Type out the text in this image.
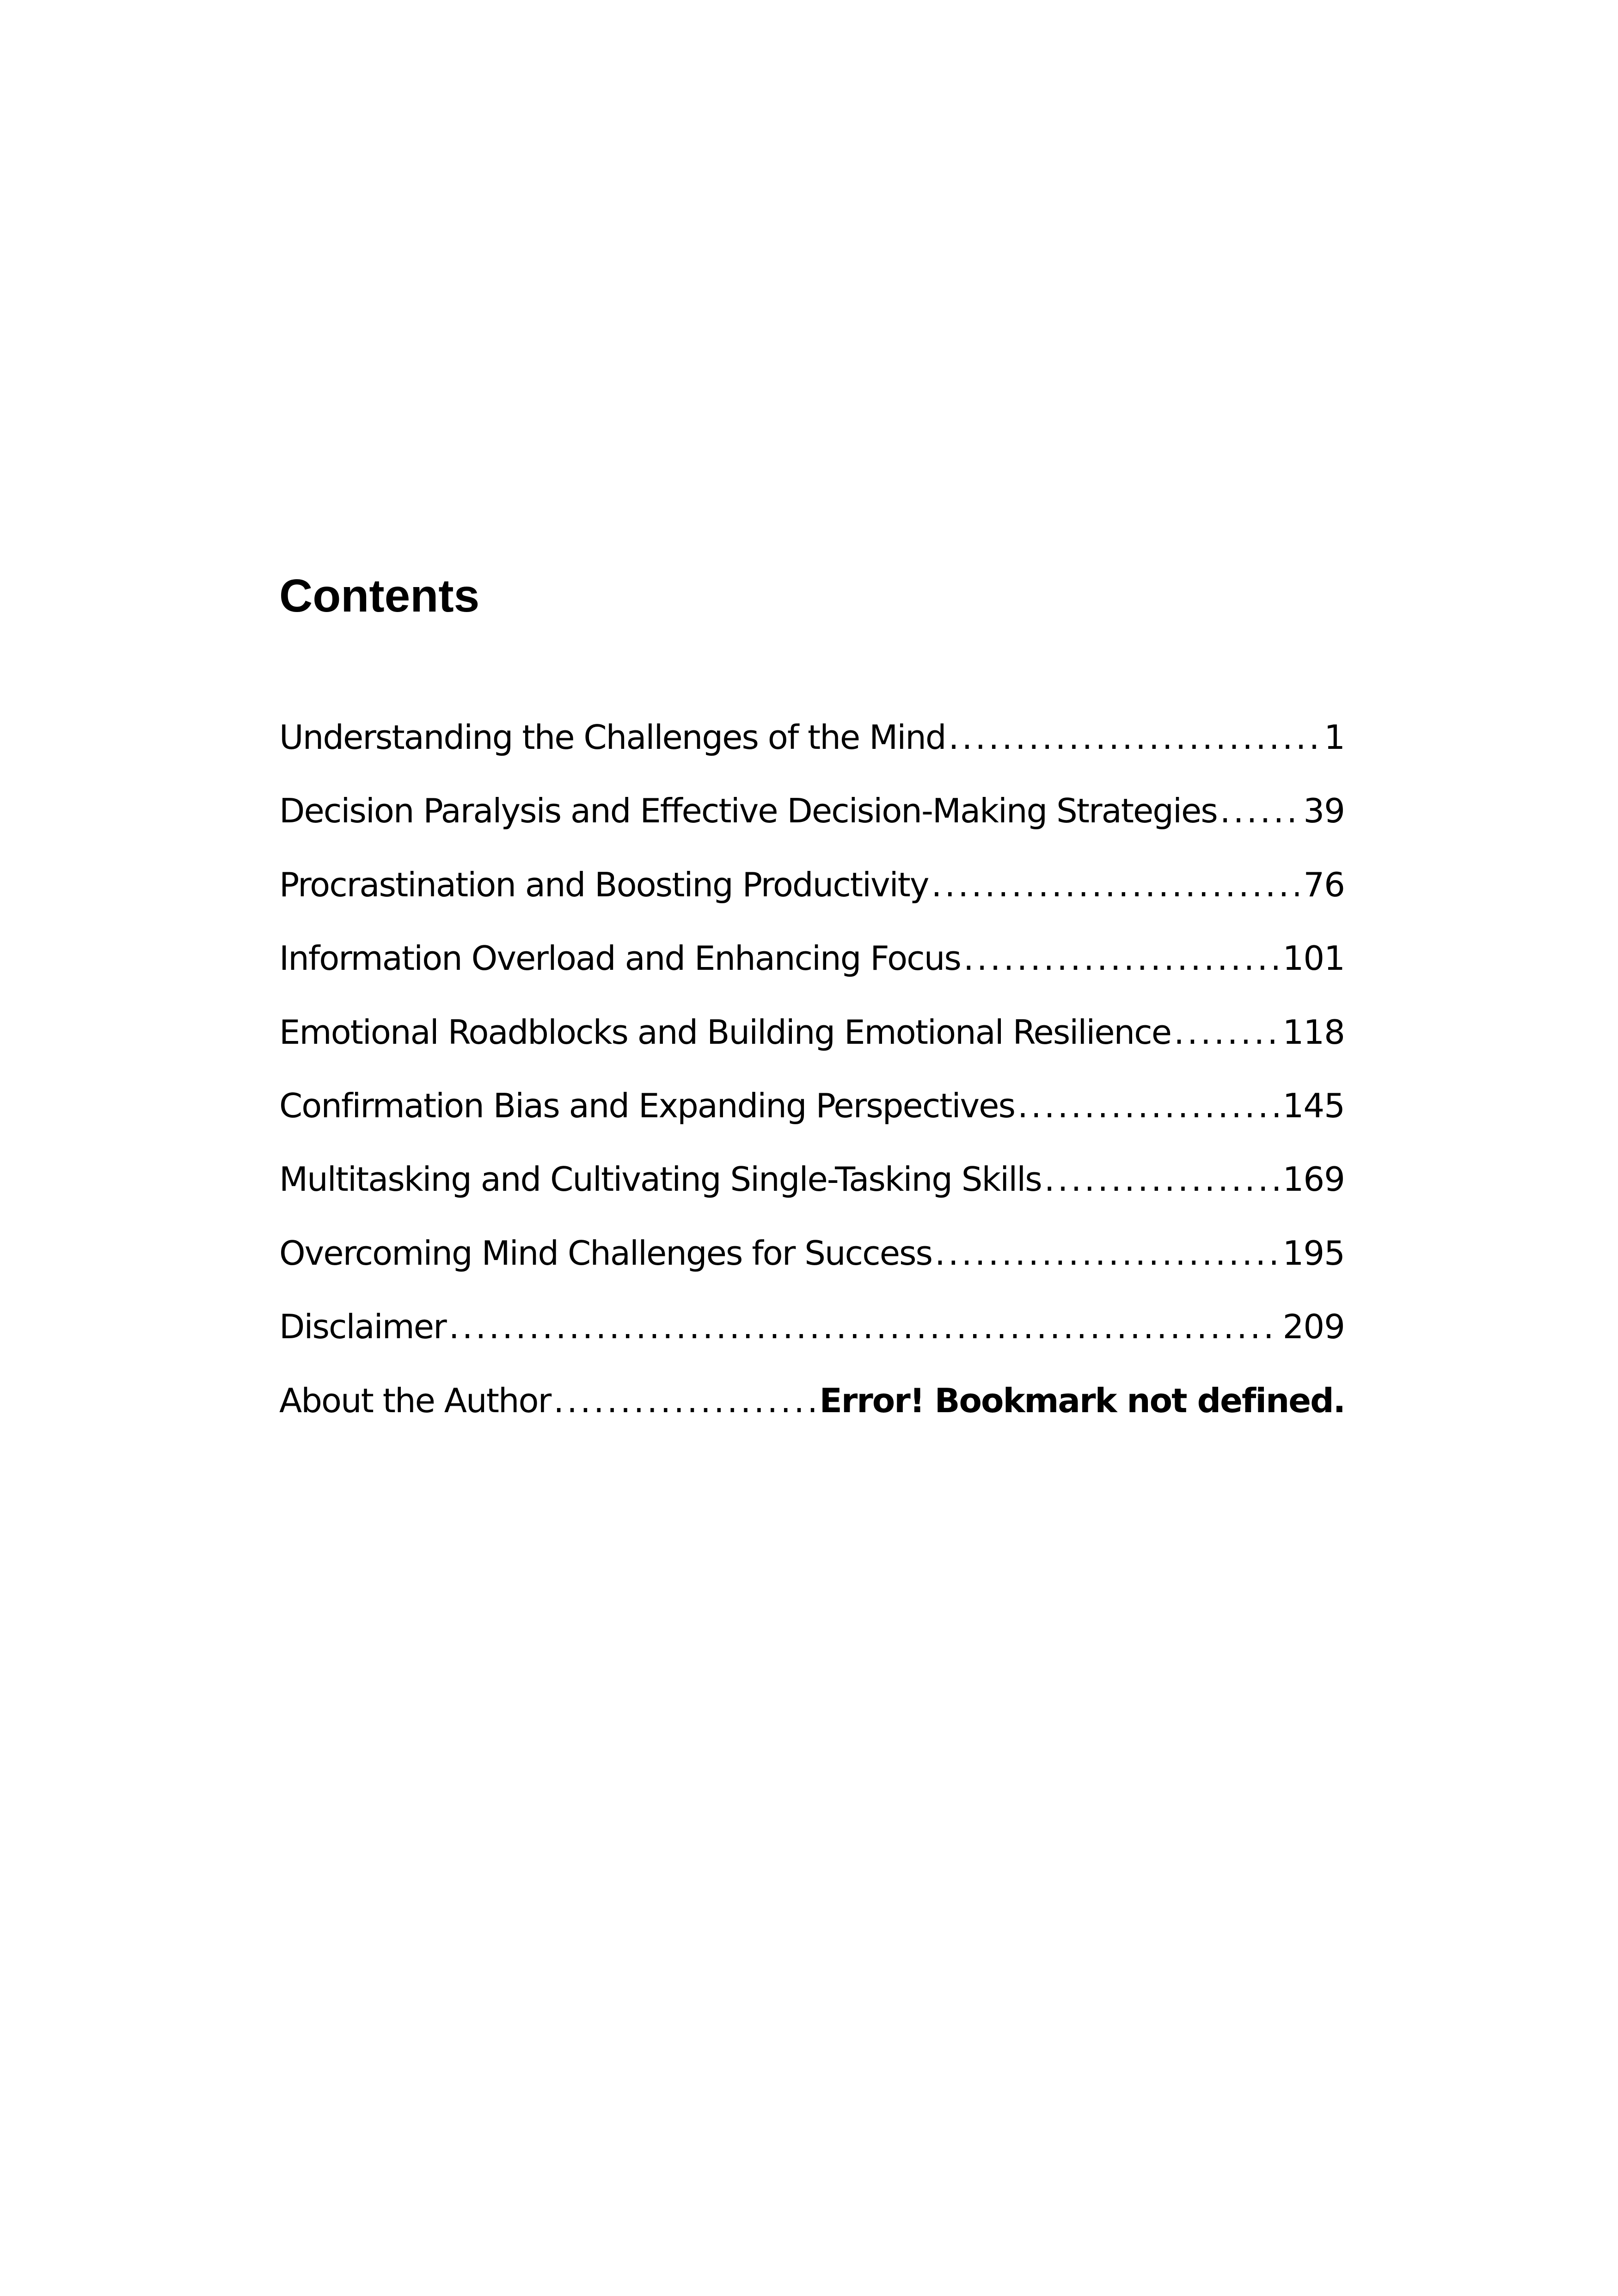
Contents
Understanding the Challenges of the Mind .....	1
Decision Paralysis and Effective Decision-Making Strategies .....	39
Procrastination and Boosting Productivity .....	76
Information Overload and Enhancing Focus .....	101
Emotional Roadblocks and Building Emotional Resilience .....	118
Confirmation Bias and Expanding Perspectives .....	145
Multitasking and Cultivating Single-Tasking Skills .....	169
Overcoming Mind Challenges for Success .....	195
Disclaimer .....	209
About the Author .....	Error! Bookmark not defined.
